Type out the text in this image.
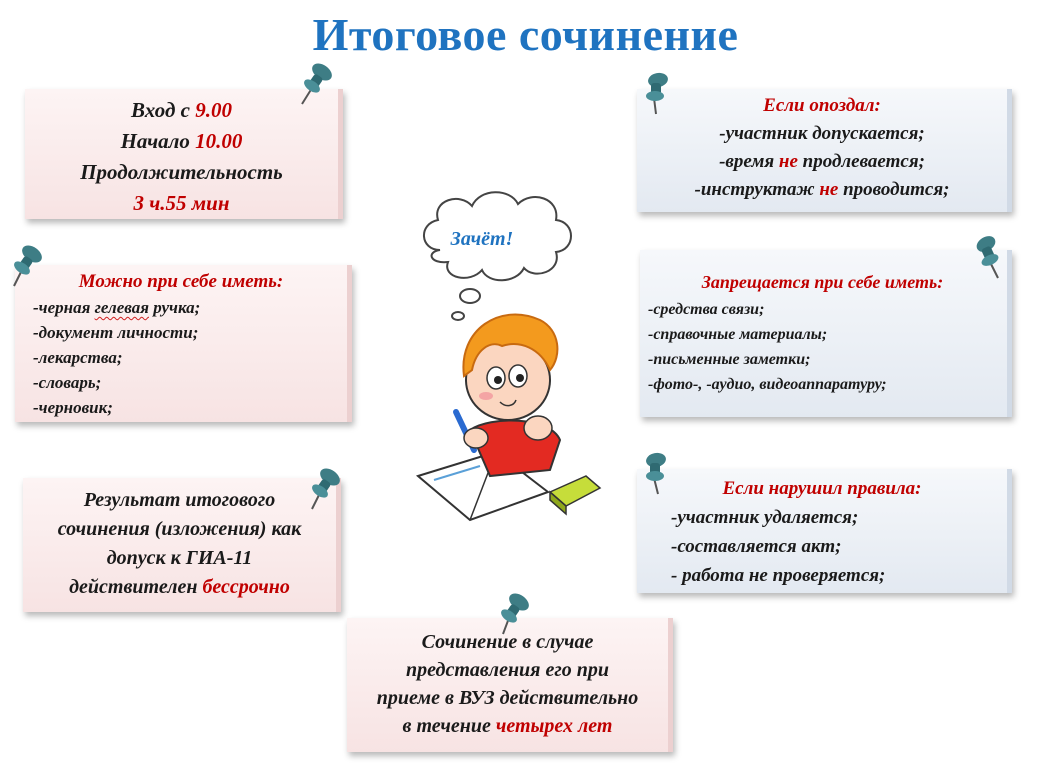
Итоговое сочинение
Вход с 9.00
Начало 10.00
Продолжительность
3 ч.55 мин
Можно при себе иметь:
-черная гелевая ручка;
-документ личности;
-лекарства;
-словарь;
-черновик;
Результат итогового
сочинения (изложения) как
допуск к ГИА-11
действителен бессрочно
Сочинение в случае
представления его при
приеме в ВУЗ действительно
в течение четырех лет
Если опоздал:
-участник допускается;
-время не продлевается;
-инструктаж не проводится;
Запрещается при себе иметь:
-средства связи;
-справочные материалы;
-письменные заметки;
-фото-, -аудио, видеоаппаратуру;
Если нарушил правила:
-участник удаляется;
-составляется акт;
- работа не проверяется;
Зачёт!
